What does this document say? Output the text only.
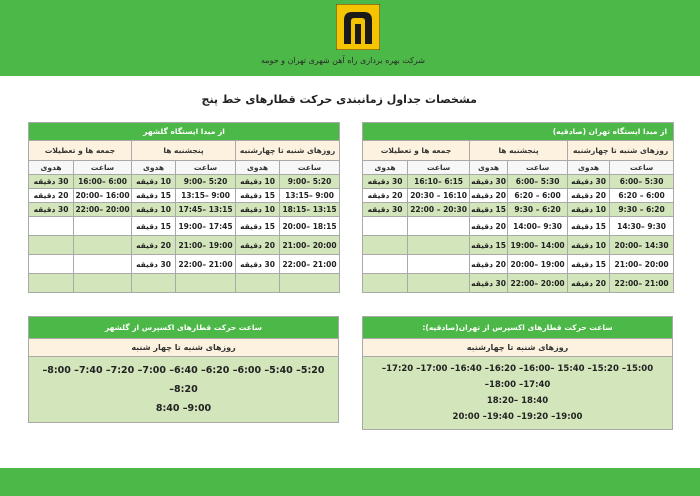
شرکت بهره برداری راه آهن شهری تهران و حومه
مشخصات جداول زمانبندی حرکت قطارهای خط پنج
از مبدا ایستگاه تهران (صادقیه)					
روزهای شنبه تا چهارشنبه		پنجشنبه ها		جمعه ها و تعطیلات	
ساعت	هدوی	ساعت	هدوی	ساعت	هدوی
5:30 –6:00	30 دقیقه	5:30 –6:00	30 دقیقه	6:15 –16:10	30 دقیقه
6:00 – 6:20	20 دقیقه	6:00 – 6:20	20 دقیقه	16:10 – 20:30	20 دقیقه
6:20 – 9:30	10 دقیقه	6:20 – 9:30	15 دقیقه	20:30 – 22:00	30 دقیقه
9:30 –14:30	15 دقیقه	9:30 –14:00	20 دقیقه		
14:30 –20:00	10 دقیقه	14:00 –19:00	15 دقیقه		
20:00 –21:00	15 دقیقه	19:00 –20:00	20 دقیقه		
21:00 –22:00	20 دقیقه	20:00 –22:00	30 دقیقه		
از مبدا ایستگاه گلشهر					
روزهای شنبه تا چهارشنبه		پنجشنبه ها		جمعه ها و تعطیلات	
ساعت	هدوی	ساعت	هدوی	ساعت	هدوی
5:20 –9:00	10 دقیقه	5:20 –9:00	10 دقیقه	6:00 –16:00	30 دقیقه
9:00 –13:15	15 دقیقه	9:00 –13:15	15 دقیقه	16:00 –20:00	20 دقیقه
13:15 –18:15	10 دقیقه	13:15 –17:45	10 دقیقه	20:00 –22:00	30 دقیقه
18:15 –20:00	15 دقیقه	17:45 –19:00	15 دقیقه		
20:00 –21:00	20 دقیقه	19:00 –21:00	20 دقیقه		
21:00 –22:00	30 دقیقه	21:00 –22:00	30 دقیقه		

ساعت حرکت قطارهای اکسپرس از تهران(صادقیه):
روزهای شنبه تا چهارشنبه

15:00– 15:20– 15:40 –16:00– 16:20– 16:40– 17:00– 17:20– 17:40– 18:00–
18:40 –18:20
19:00– 19:20– 19:40– 20:00
ساعت حرکت قطارهای اکسپرس از گلشهر
روزهای شنبه تا چهار شنبه

5:20– 5:40– 6:00– 6:20– 6:40– 7:00– 7:20– 7:40– 8:00– 8:20–
9:00– 8:40
